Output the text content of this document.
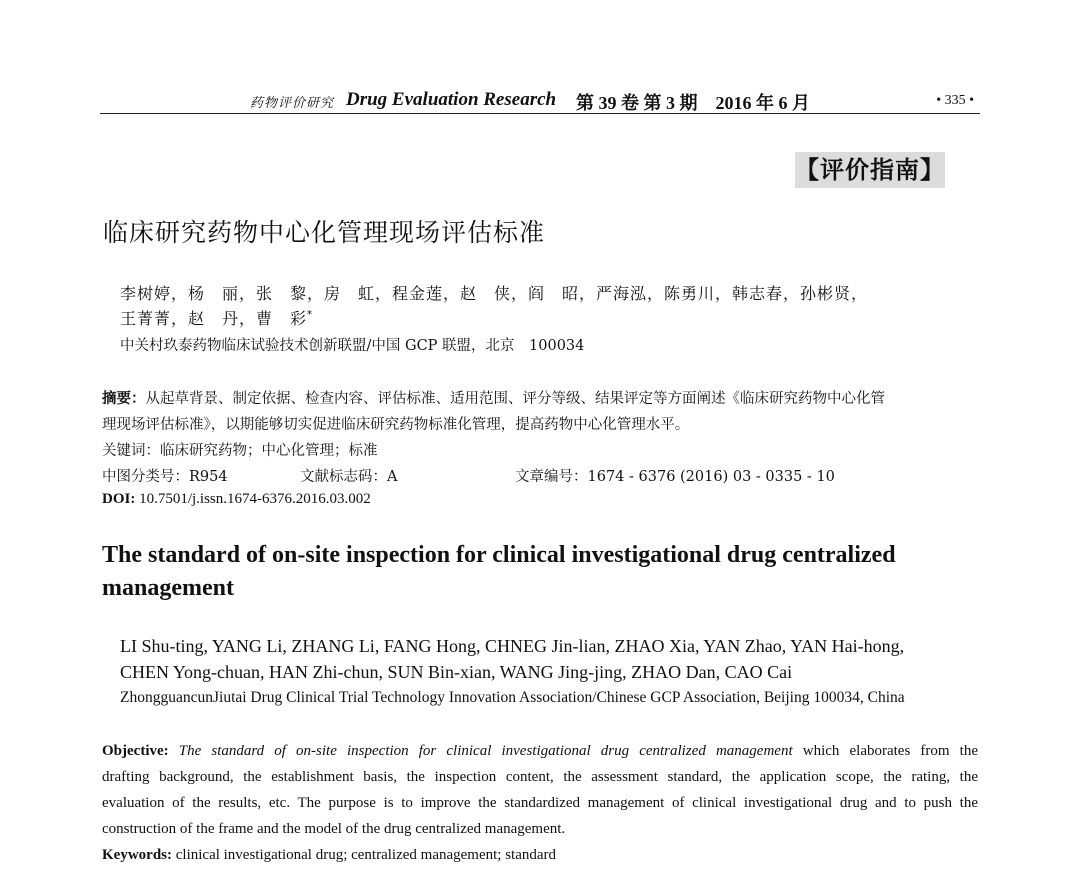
药物评价研究 Drug Evaluation Research 第 39 卷 第 3 期　2016 年 6 月	• 335 •
【评价指南】
临床研究药物中心化管理现场评估标准
李树婷，杨　丽，张　黎，房　虹，程金莲，赵　侠，阎　昭，严海泓，陈勇川，韩志春，孙彬贤，
王菁菁，赵　丹，曹　彩*
中关村玖泰药物临床试验技术创新联盟/中国 GCP 联盟，北京　100034
摘要：从起草背景、制定依据、检查内容、评估标准、适用范围、评分等级、结果评定等方面阐述《临床研究药物中心化管
理现场评估标准》，以期能够切实促进临床研究药物标准化管理，提高药物中心化管理水平。
关键词：临床研究药物；中心化管理；标准
中图分类号：R954	文献标志码：A	文章编号：1674 - 6376 (2016) 03 - 0335 - 10
DOI: 10.7501/j.issn.1674-6376.2016.03.002
The standard of on-site inspection for clinical investigational drug centralized
management
LI Shu-ting, YANG Li, ZHANG Li, FANG Hong, CHNEG Jin-lian, ZHAO Xia, YAN Zhao, YAN Hai-hong,
CHEN Yong-chuan, HAN Zhi-chun, SUN Bin-xian, WANG Jing-jing, ZHAO Dan, CAO Cai
ZhongguancunJiutai Drug Clinical Trial Technology Innovation Association/Chinese GCP Association, Beijing 100034, China
Objective: The standard of on-site inspection for clinical investigational drug centralized management which elaborates from the
drafting background, the establishment basis, the inspection content, the assessment standard, the application scope, the rating, the
evaluation of the results, etc. The purpose is to improve the standardized management of clinical investigational drug and to push the
construction of the frame and the model of the drug centralized management.
Keywords: clinical investigational drug; centralized management; standard
